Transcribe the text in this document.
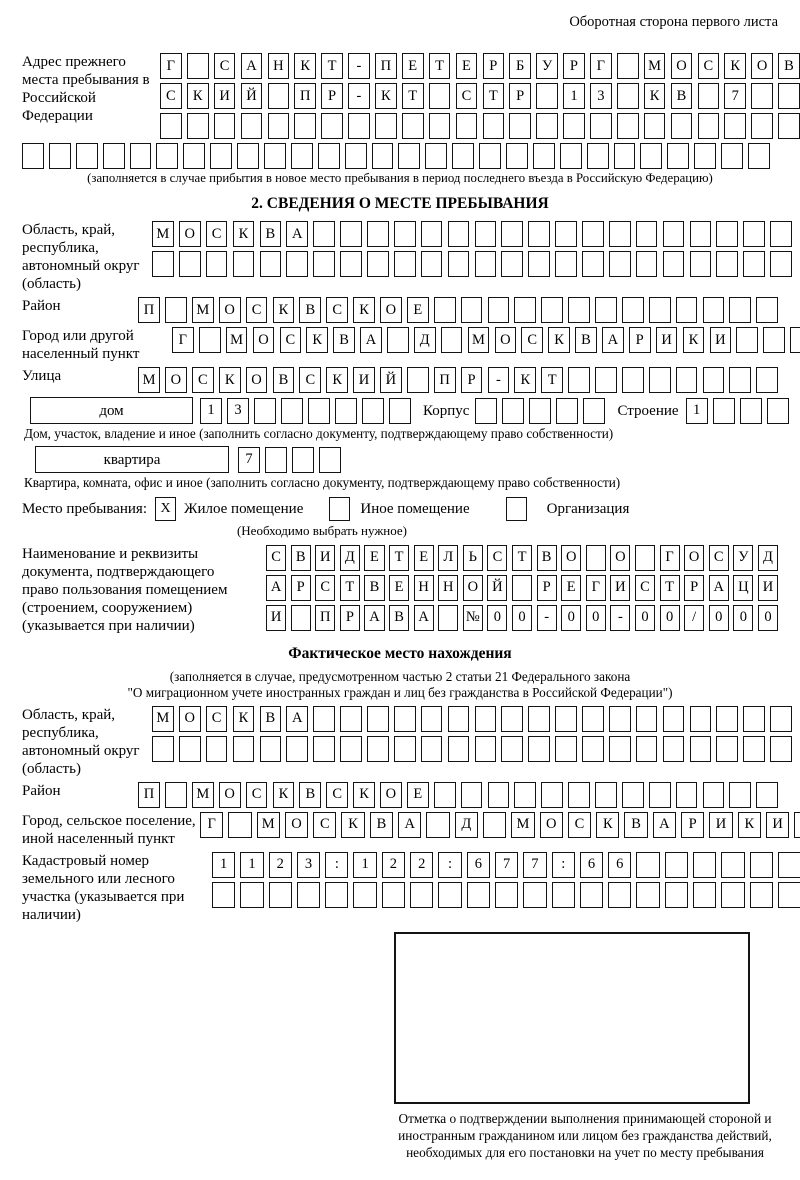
Оборотная сторона первого листа
Адрес прежнего места пребывания в Российской Федерации
Г	С	А	Н	К	Т	-	П	Е	Т	Е	Р	Б	У	Р	Г	М	О	С	К	О	В
С	К	И	Й	П	Р	-	К	Т	С	Т	Р	1	3	К	В	7
(заполняется в случае прибытия в новое место пребывания в период последнего въезда в Российскую Федерацию)
2. СВЕДЕНИЯ О МЕСТЕ ПРЕБЫВАНИЯ
Область, край, республика, автономный округ (область)
М	О	С	К	В	А
Район	П	М	О	С	К	В	С	К	О	Е
Город или другой населенный пункт
Г	М	О	С	К	В	А	Д	М	О	С	К	В	А	Р	И	К	И
Улица	М	О	С	К	О	В	С	К	И	Й	П	Р	-	К	Т
дом	1	3	Корпус	Строение 1
Дом, участок, владение и иное (заполнить согласно документу, подтверждающему право собственности)
квартира	7
Квартира, комната, офис и иное (заполнить согласно документу, подтверждающему право собственности)
Место пребывания: X Жилое помещение	Иное помещение	Организация
(Необходимо выбрать нужное)
Наименование и реквизиты документа, подтверждающего право пользования помещением (строением, сооружением) (указывается при наличии)
С	В	И Д	Е	Т	Е	Л	Ь	С	Т	В	О	О	Г	О	С	У	Д
А	Р	С	Т	В	Е	Н Н О Й	Р	Е	Г	И	С	Т	Р	А Ц И
И	П	Р	А	В	А	№ 0	0	-	0	0	-	0	0	/	0	0	0
Фактическое место нахождения
(заполняется в случае, предусмотренном частью 2 статьи 21 Федерального закона
"О миграционном учете иностранных граждан и лиц без гражданства в Российской Федерации")
Область, край, республика, автономный округ (область)
М	О	С	К	В	А
Район	П	М	О	С	К	В	С	К	О	Е
Город, сельское поселение, иной населенный пункт
Г	М	О	С	К	В	А	Д	М	О	С	К	В	А	Р	И	К	И
Кадастровый номер земельного или лесного участка (указывается при наличии)
1	1	2	3	:	1	2	2	:	6	7	7	:	6	6
Отметка о подтверждении выполнения принимающей стороной и иностранным гражданином или лицом без гражданства действий, необходимых для его постановки на учет по месту пребывания
